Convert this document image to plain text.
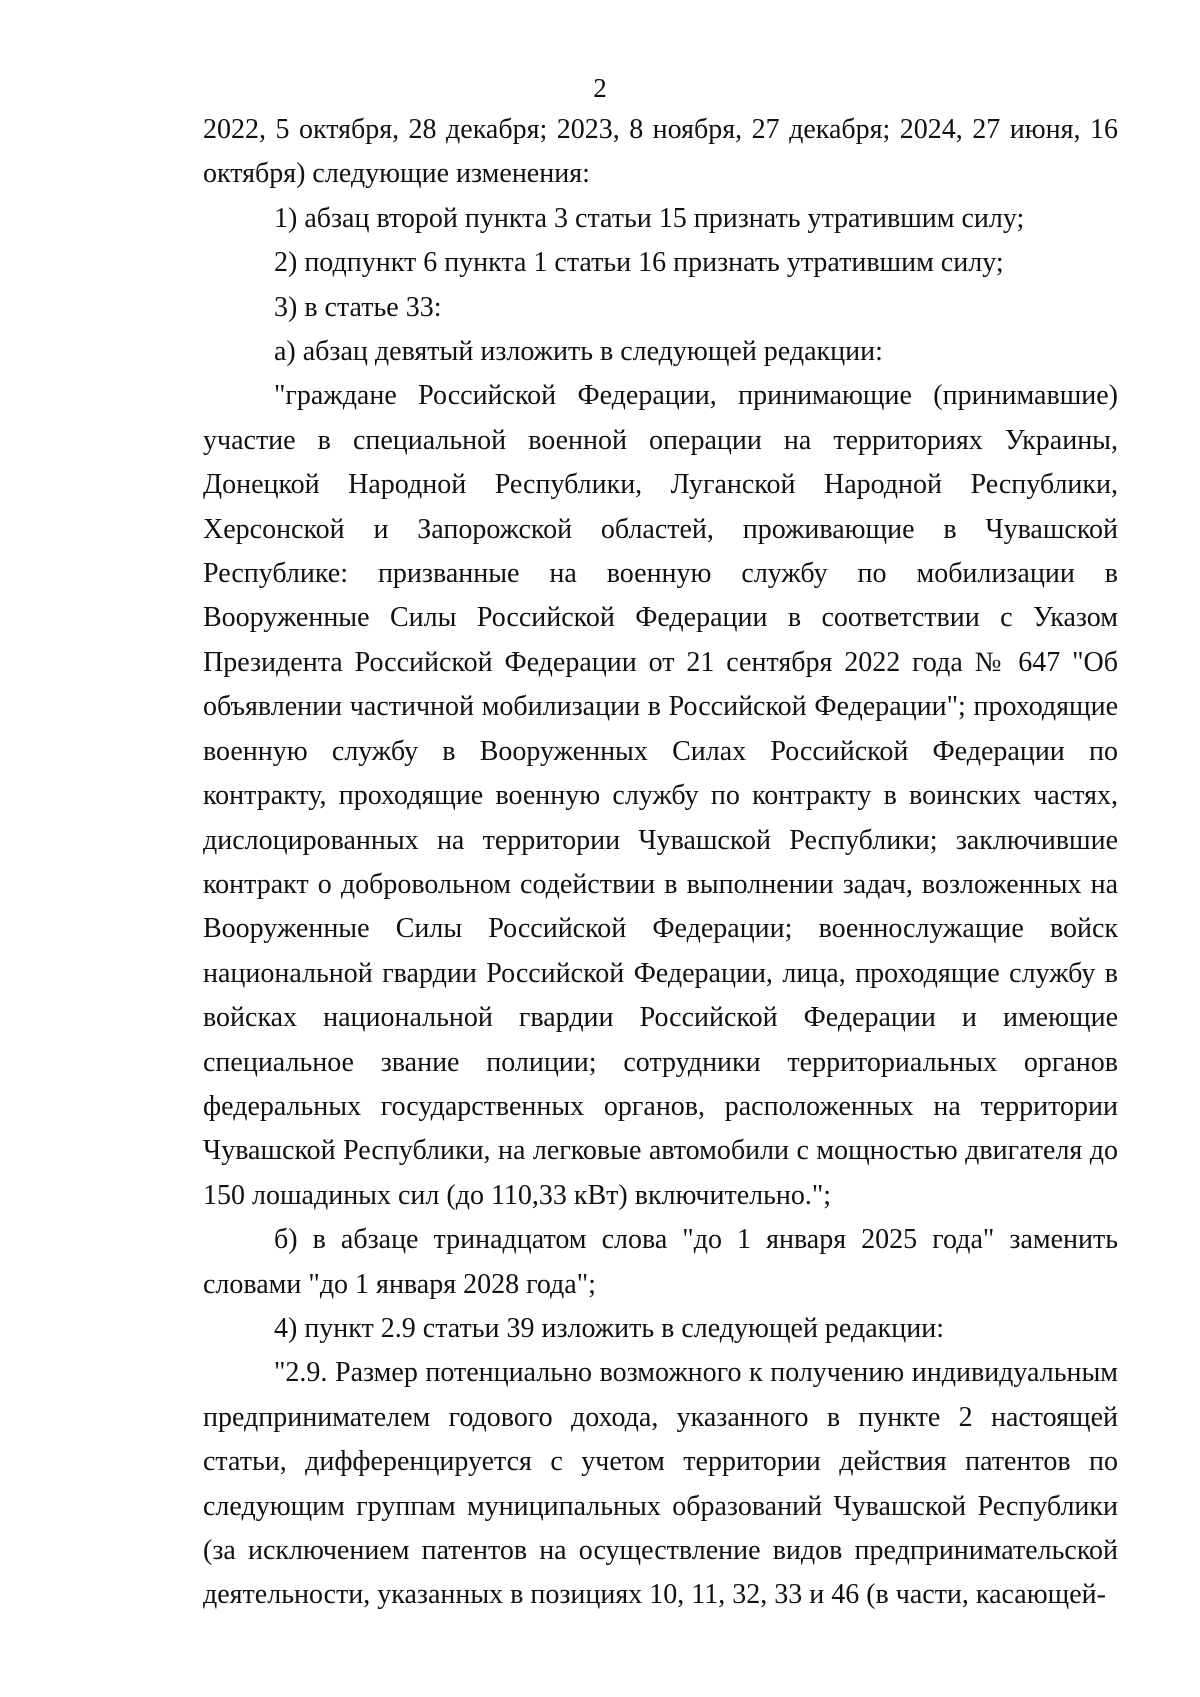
2

2022, 5 октября, 28 декабря; 2023, 8 ноября, 27 декабря; 2024, 27 июня, 16 октября) следующие изменения:

1) абзац второй пункта 3 статьи 15 признать утратившим силу;

2) подпункт 6 пункта 1 статьи 16 признать утратившим силу;

3) в статье 33:

а) абзац девятый изложить в следующей редакции:

"граждане Российской Федерации, принимающие (принимавшие) участие в специальной военной операции на территориях Украины, Донецкой Народной Республики, Луганской Народной Республики, Херсонской и Запорожской областей, проживающие в Чувашской Республике: призванные на военную службу по мобилизации в Вооруженные Силы Российской Федерации в соответствии с Указом Президента Российской Федерации от 21 сентября 2022 года № 647 "Об объявлении частичной мобилизации в Российской Федерации"; проходящие военную службу в Вооруженных Силах Российской Федерации по контракту, проходящие военную службу по контракту в воинских частях, дислоцированных на территории Чувашской Республики; заключившие контракт о добровольном содействии в выполнении задач, возложенных на Вооруженные Силы Российской Федерации; военнослужащие войск национальной гвардии Российской Федерации, лица, проходящие службу в войсках национальной гвардии Российской Федерации и имеющие специальное звание полиции; сотрудники территориальных органов федеральных государственных органов, расположенных на территории Чувашской Республики, на легковые автомобили с мощностью двигателя до 150 лошадиных сил (до 110,33 кВт) включительно.";

б) в абзаце тринадцатом слова "до 1 января 2025 года" заменить словами "до 1 января 2028 года";

4) пункт 2.9 статьи 39 изложить в следующей редакции:

"2.9. Размер потенциально возможного к получению индивидуальным предпринимателем годового дохода, указанного в пункте 2 настоящей статьи, дифференцируется с учетом территории действия патентов по следующим группам муниципальных образований Чувашской Республики (за исключением патентов на осуществление видов предпринимательской деятельности, указанных в позициях 10, 11, 32, 33 и 46 (в части, касающей-
